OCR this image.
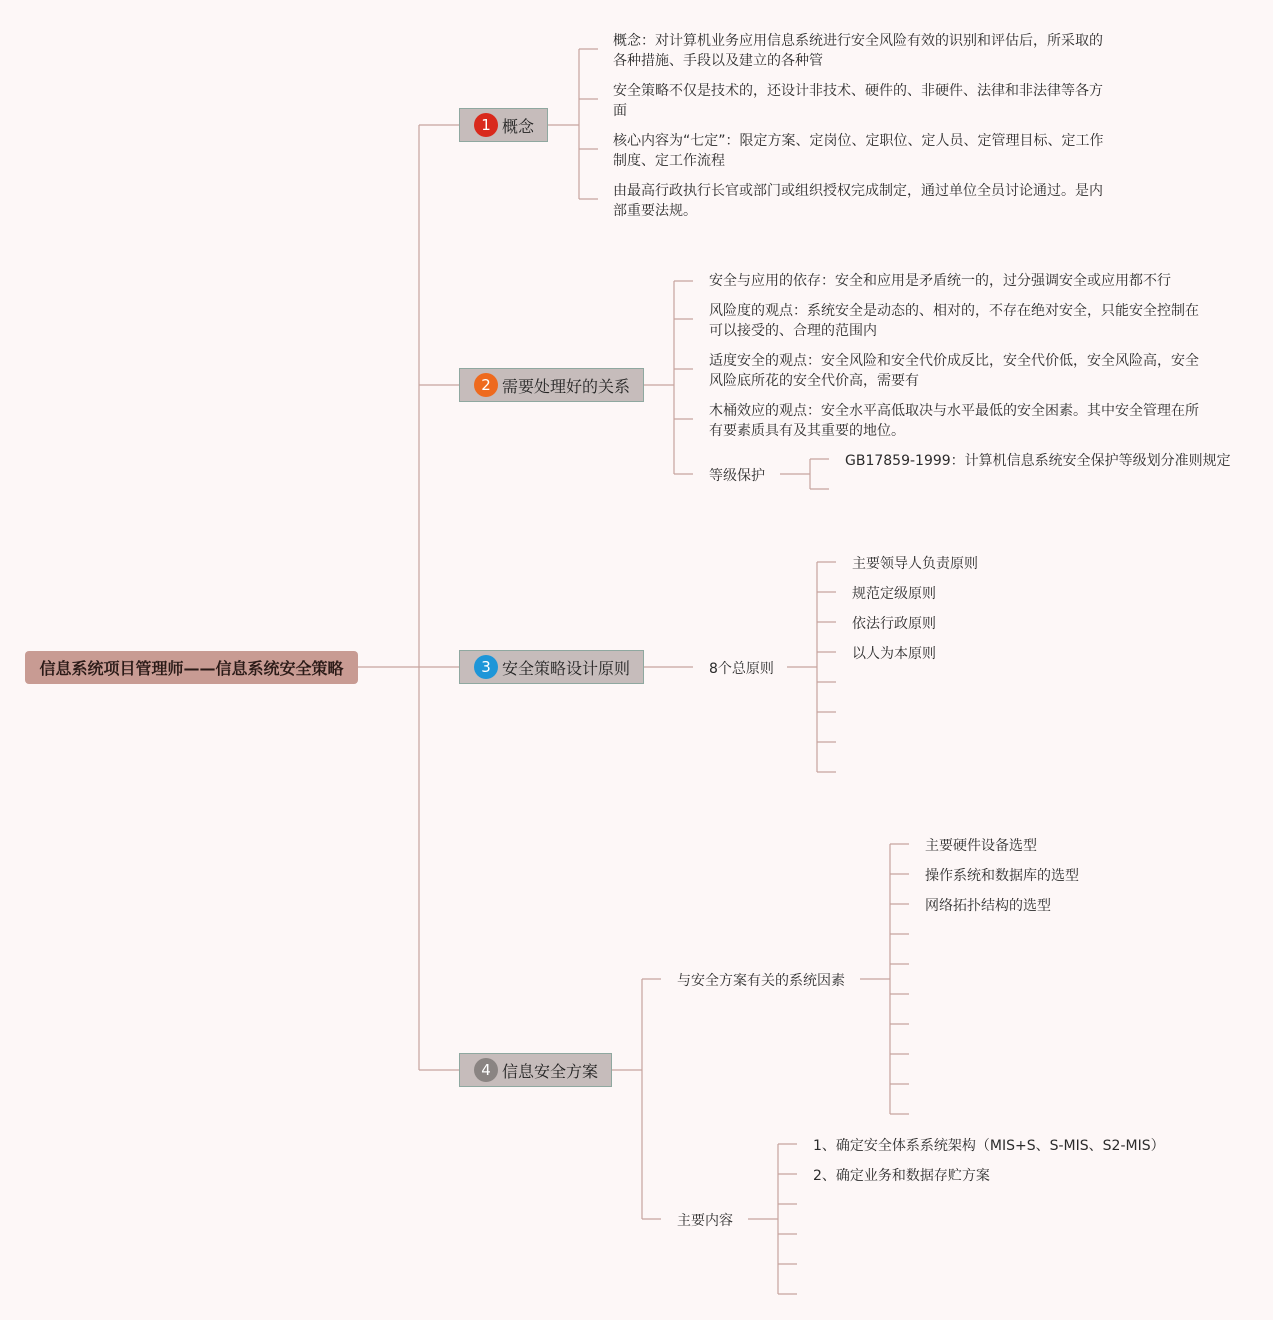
信息系统项目管理师——信息系统安全策略
1 概念
2 需要处理好的关系
3 安全策略设计原则
4 信息安全方案
概念：对计算机业务应用信息系统进行安全风险有效的识别和评估后，所采取的
各种措施、手段以及建立的各种管
安全策略不仅是技术的，还设计非技术、硬件的、非硬件、法律和非法律等各方
面
核心内容为“七定”：限定方案、定岗位、定职位、定人员、定管理目标、定工作
制度、定工作流程
由最高行政执行长官或部门或组织授权完成制定，通过单位全员讨论通过。是内
部重要法规。
安全与应用的依存：安全和应用是矛盾统一的，过分强调安全或应用都不行
风险度的观点：系统安全是动态的、相对的，不存在绝对安全，只能安全控制在
可以接受的、合理的范围内
适度安全的观点：安全风险和安全代价成反比，安全代价低，安全风险高，安全
风险底所花的安全代价高，需要有
木桶效应的观点：安全水平高低取决与水平最低的安全困素。其中安全管理在所
有要素质具有及其重要的地位。
等级保护
GB17859-1999：计算机信息系统安全保护等级划分准则规定
8个总原则
主要领导人负责原则
规范定级原则
依法行政原则
以人为本原则
与安全方案有关的系统因素
主要硬件设备选型
操作系统和数据库的选型
网络拓扑结构的选型
主要内容
1、确定安全体系系统架构（MIS+S、S-MIS、S2-MIS）
2、确定业务和数据存贮方案
